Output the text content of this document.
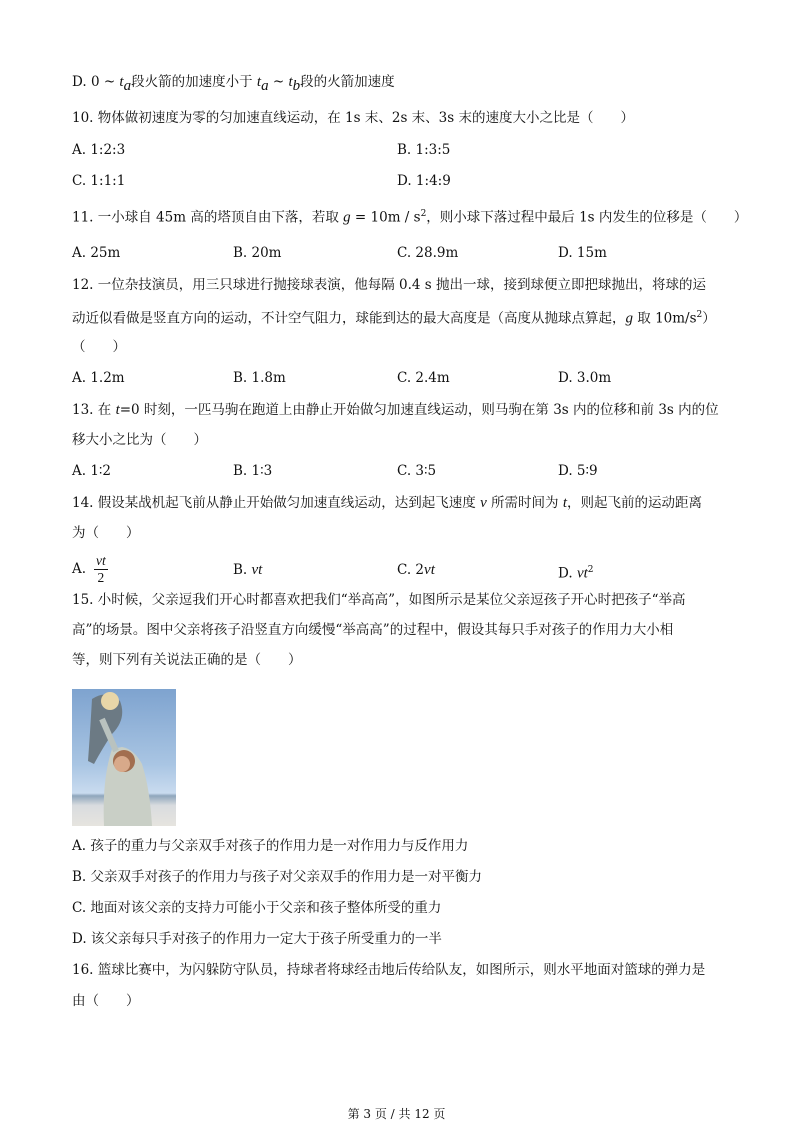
D. 0 ~ $t_a$段火箭的加速度小于 $t_a$ ~ $t_b$段的火箭加速度
10. 物体做初速度为零的匀加速直线运动，在 1s 末、2s 末、3s 末的速度大小之比是（　　）
A. 1:2:3	B. 1:3:5
C. 1:1:1	D. 1:4:9
11. 一小球自 45m 高的塔顶自由下落，若取 $g = 10m / s^2$，则小球下落过程中最后 1s 内发生的位移是（　　）
A. 25m	B. 20m	C. 28.9m	D. 15m
12. 一位杂技演员，用三只球进行抛接球表演，他每隔 0.4 s 抛出一球，接到球便立即把球抛出，将球的运
动近似看做是竖直方向的运动，不计空气阻力，球能到达的最大高度是（高度从抛球点算起，g 取 $10m/s^2$）
（　　）
A. 1.2m	B. 1.8m	C. 2.4m	D. 3.0m
13. 在 t=0 时刻，一匹马驹在跑道上由静止开始做匀加速直线运动，则马驹在第 3s 内的位移和前 3s 内的位
移大小之比为（　　）
A. 1∶2	B. 1∶3	C. 3∶5	D. 5∶9
14. 假设某战机起飞前从静止开始做匀加速直线运动，达到起飞速度 v 所需时间为 t，则起飞前的运动距离
为（　　）
A. $\frac{vt}{2}$	B. vt	C. 2vt	D. $vt^2$
15. 小时候，父亲逗我们开心时都喜欢把我们“举高高”，如图所示是某位父亲逗孩子开心时把孩子“举高
高”的场景。图中父亲将孩子沿竖直方向缓慢“举高高”的过程中，假设其每只手对孩子的作用力大小相
等，则下列有关说法正确的是（　　）
A. 孩子的重力与父亲双手对孩子的作用力是一对作用力与反作用力
B. 父亲双手对孩子的作用力与孩子对父亲双手的作用力是一对平衡力
C. 地面对该父亲的支持力可能小于父亲和孩子整体所受的重力
D. 该父亲每只手对孩子的作用力一定大于孩子所受重力的一半
16. 篮球比赛中，为闪躲防守队员，持球者将球经击地后传给队友，如图所示，则水平地面对篮球的弹力是
由（　　）
第 3 页 / 共 12 页
